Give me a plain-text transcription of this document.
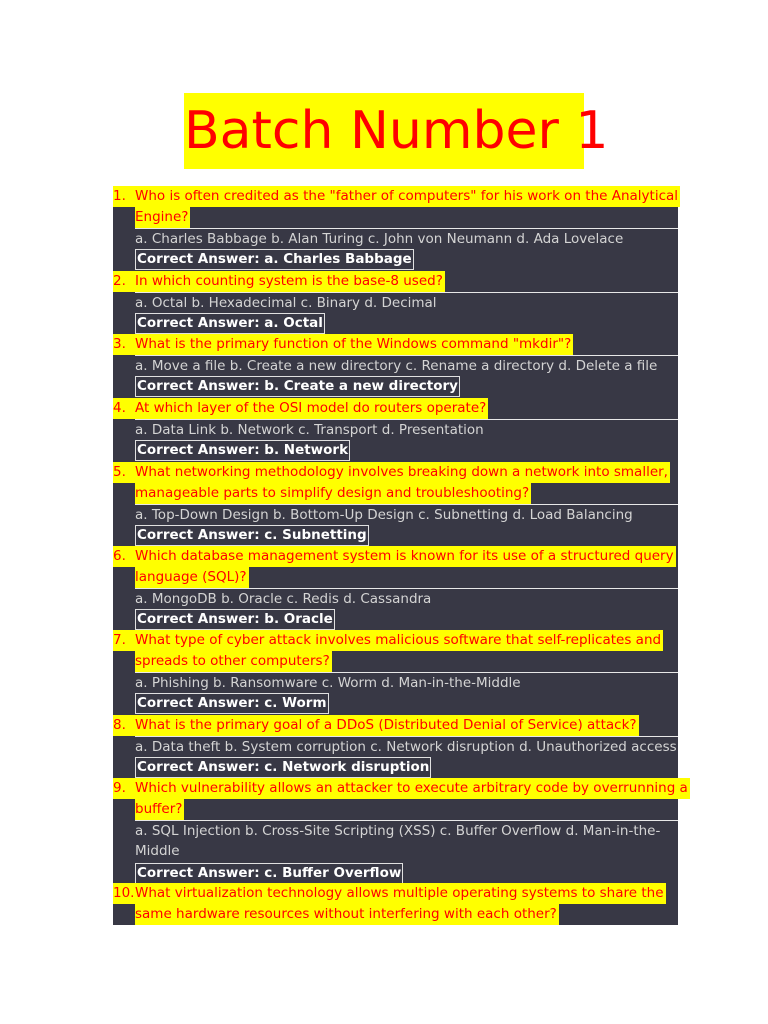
Batch Number 1
1. Who is often credited as the "father of computers" for his work on the Analytical
Engine?
a. Charles Babbage b. Alan Turing c. John von Neumann d. Ada Lovelace
Correct Answer: a. Charles Babbage
2. In which counting system is the base-8 used?
a. Octal b. Hexadecimal c. Binary d. Decimal
Correct Answer: a. Octal
3. What is the primary function of the Windows command "mkdir"?
a. Move a file b. Create a new directory c. Rename a directory d. Delete a file
Correct Answer: b. Create a new directory
4. At which layer of the OSI model do routers operate?
a. Data Link b. Network c. Transport d. Presentation
Correct Answer: b. Network
5. What networking methodology involves breaking down a network into smaller,
manageable parts to simplify design and troubleshooting?
a. Top-Down Design b. Bottom-Up Design c. Subnetting d. Load Balancing
Correct Answer: c. Subnetting
6. Which database management system is known for its use of a structured query
language (SQL)?
a. MongoDB b. Oracle c. Redis d. Cassandra
Correct Answer: b. Oracle
7. What type of cyber attack involves malicious software that self-replicates and
spreads to other computers?
a. Phishing b. Ransomware c. Worm d. Man-in-the-Middle
Correct Answer: c. Worm
8. What is the primary goal of a DDoS (Distributed Denial of Service) attack?
a. Data theft b. System corruption c. Network disruption d. Unauthorized access
Correct Answer: c. Network disruption
9. Which vulnerability allows an attacker to execute arbitrary code by overrunning a
buffer?
a. SQL Injection b. Cross-Site Scripting (XSS) c. Buffer Overflow d. Man-in-the-
Middle
Correct Answer: c. Buffer Overflow
10. What virtualization technology allows multiple operating systems to share the
same hardware resources without interfering with each other?
